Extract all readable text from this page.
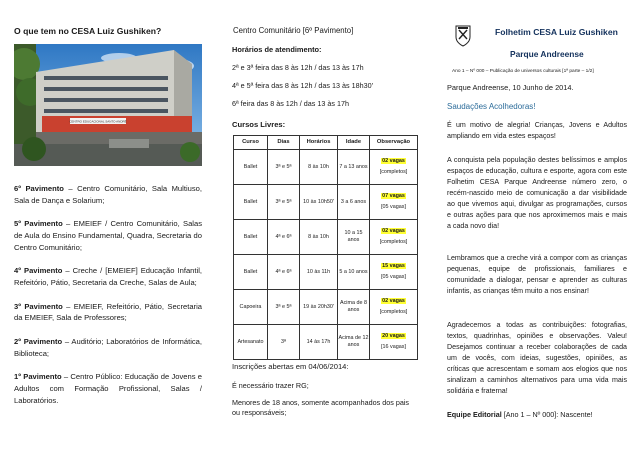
O que tem no CESA Luiz Gushiken?
CENTRO EDUCACIONAL SANTO ANDRÉ

6º Pavimento – Centro Comunitário, Sala Multiuso, Sala de Dança e Solarium;

5º Pavimento – EMEIEF / Centro Comunitário, Salas de Aula do Ensino Fundamental, Quadra, Secretaria do Centro Comunitário;

4º Pavimento – Creche / [EMEIEF] Educação Infantil, Refeitório, Pátio, Secretaria da Creche, Salas de Aula;

3º Pavimento – EMEIEF, Refeitório, Pátio, Secretaria da EMEIEF, Sala de Professores;

2º Pavimento – Auditório; Laboratórios de Informática, Biblioteca;

1º Pavimento – Centro Público: Educação de Jovens e Adultos com Formação Profissional, Salas / Laboratórios.

Centro Comunitário [6º Pavimento]
Horários de atendimento:
2ª e 3ª feira das 8 às 12h / das 13 às 17h
4ª e 5ª feira das 8 às 12h / das 13 às 18h30'
6ª feira das 8 às 12h / das 13 às 17h
Cursos Livres:
Curso	Dias	Horários	Idade	Observação
Ballet	3ª e 5ª	8 às 10h	7 a 13 anos	02 vagas
[completos]

Ballet	3ª e 5ª	10 às 10h50'	3 a 6 anos	07 vagas
[05 vagas]

Ballet	4ª e 6ª	8 às 10h	10 a 15 anos	02 vagas
[completos]

Ballet	4ª e 6ª	10 às 11h	5 a 10 anos	15 vagas
[05 vagas]

Capoeira	3ª e 5ª	19 às 20h30'	Acima de 8 anos	02 vagas
[completos]

Artesanato	3ª	14 às 17h	Acima de 12 anos	20 vagas
[16 vagas]
Inscrições abertas em 04/06/2014:
É necessário trazer RG;
Menores de 18 anos, somente acompanhados dos pais ou responsáveis;
Folhetim CESA Luiz Gushiken
Parque Andreense
Ano 1 – Nº 000 – Publicação de universos culturais [1ª parte – 1/2]
Parque Andreense, 10 Junho de 2014.
Saudações Acolhedoras!
É um motivo de alegria! Crianças, Jovens e Adultos ampliando em vida estes espaços!
A conquista pela população destes belíssimos e amplos espaços de educação, cultura e esporte, agora com este Folhetim CESA Parque Andreense número zero, o recém-nascido meio de comunicação a dar visibilidade ao que vivemos aqui, divulgar as programações, cursos e outras ações para que nos aproximemos mais e mais a cada novo dia!
Lembramos que a creche virá a compor com as crianças pequenas, equipe de profissionais, familiares e comunidade a dialogar, pensar e aprender as culturas infantis, as crianças têm muito a nos ensinar!
Agradecemos a todas as contribuições: fotografias, textos, quadrinhas, opiniões e observações. Valeu! Desejamos continuar a receber colaborações de cada um de vocês, com ideias, sugestões, opiniões, as críticas que acrescentam e somam aos elogios que nos sinalizam a caminhos alternativos para uma vida mais solidária e fraterna!
Equipe Editorial [Ano 1 – Nº 000]: Nascente!
